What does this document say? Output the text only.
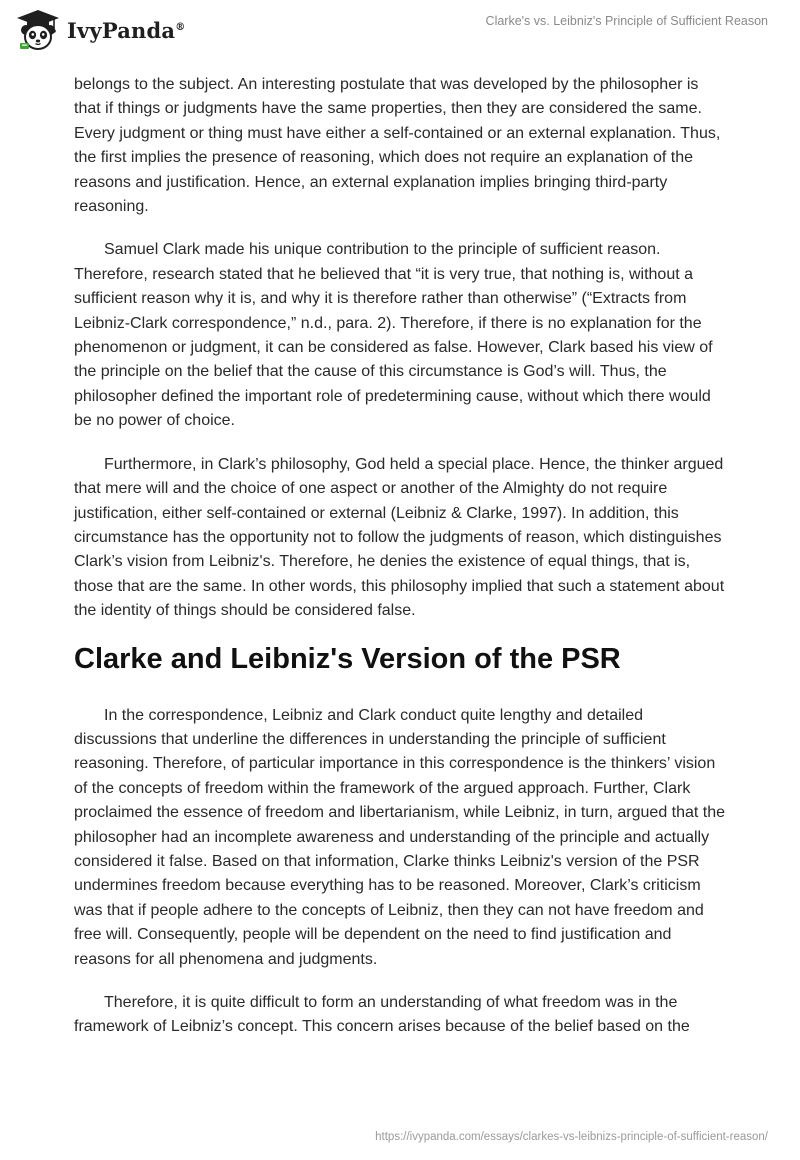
IvyPanda®	Clarke's vs. Leibniz's Principle of Sufficient Reason

belongs to the subject. An interesting postulate that was developed by the philosopher is that if things or judgments have the same properties, then they are considered the same. Every judgment or thing must have either a self-contained or an external explanation. Thus, the first implies the presence of reasoning, which does not require an explanation of the reasons and justification. Hence, an external explanation implies bringing third-party reasoning.

Samuel Clark made his unique contribution to the principle of sufficient reason. Therefore, research stated that he believed that “it is very true, that nothing is, without a sufficient reason why it is, and why it is therefore rather than otherwise” (“Extracts from Leibniz-Clark correspondence,” n.d., para. 2). Therefore, if there is no explanation for the phenomenon or judgment, it can be considered as false. However, Clark based his view of the principle on the belief that the cause of this circumstance is God’s will. Thus, the philosopher defined the important role of predetermining cause, without which there would be no power of choice.

Furthermore, in Clark’s philosophy, God held a special place. Hence, the thinker argued that mere will and the choice of one aspect or another of the Almighty do not require justification, either self-contained or external (Leibniz & Clarke, 1997). In addition, this circumstance has the opportunity not to follow the judgments of reason, which distinguishes Clark’s vision from Leibniz's. Therefore, he denies the existence of equal things, that is, those that are the same. In other words, this philosophy implied that such a statement about the identity of things should be considered false.

Clarke and Leibniz's Version of the PSR

In the correspondence, Leibniz and Clark conduct quite lengthy and detailed discussions that underline the differences in understanding the principle of sufficient reasoning. Therefore, of particular importance in this correspondence is the thinkers’ vision of the concepts of freedom within the framework of the argued approach. Further, Clark proclaimed the essence of freedom and libertarianism, while Leibniz, in turn, argued that the philosopher had an incomplete awareness and understanding of the principle and actually considered it false. Based on that information, Clarke thinks Leibniz's version of the PSR undermines freedom because everything has to be reasoned. Moreover, Clark’s criticism was that if people adhere to the concepts of Leibniz, then they can not have freedom and free will. Consequently, people will be dependent on the need to find justification and reasons for all phenomena and judgments.

Therefore, it is quite difficult to form an understanding of what freedom was in the framework of Leibniz’s concept. This concern arises because of the belief based on the

https://ivypanda.com/essays/clarkes-vs-leibnizs-principle-of-sufficient-reason/
